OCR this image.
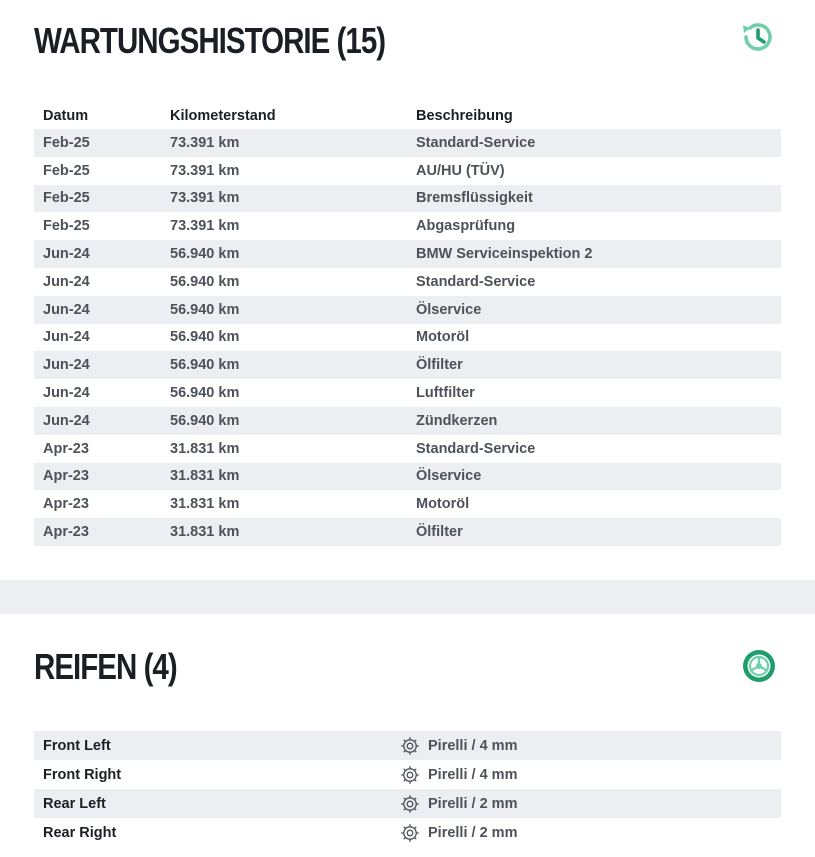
WARTUNGSHISTORIE (15)
Datum	Kilometerstand	Beschreibung
Feb-25	73.391 km	Standard-Service
Feb-25	73.391 km	AU/HU (TÜV)
Feb-25	73.391 km	Bremsflüssigkeit
Feb-25	73.391 km	Abgasprüfung
Jun-24	56.940 km	BMW Serviceinspektion 2
Jun-24	56.940 km	Standard-Service
Jun-24	56.940 km	Ölservice
Jun-24	56.940 km	Motoröl
Jun-24	56.940 km	Ölfilter
Jun-24	56.940 km	Luftfilter
Jun-24	56.940 km	Zündkerzen
Apr-23	31.831 km	Standard-Service
Apr-23	31.831 km	Ölservice
Apr-23	31.831 km	Motoröl
Apr-23	31.831 km	Ölfilter
REIFEN (4)
Front Left		Pirelli / 4 mm
Front Right		Pirelli / 4 mm
Rear Left		Pirelli / 2 mm
Rear Right		Pirelli / 2 mm
